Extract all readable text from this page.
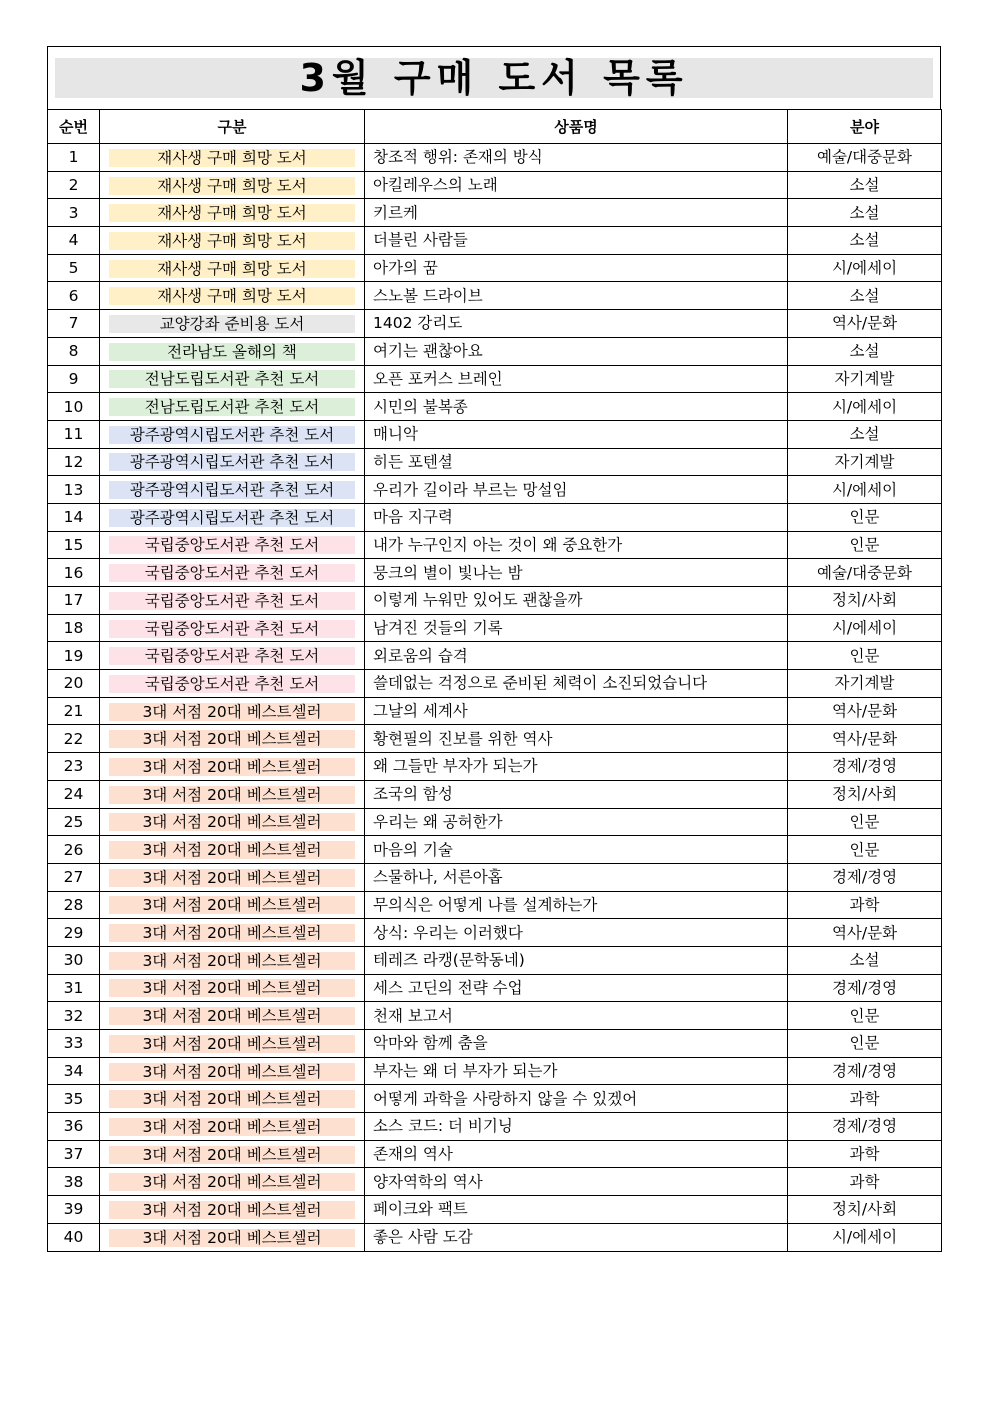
3월 구매 도서 목록
순번	구분	상품명	분야
1	재사생 구매 희망 도서	창조적 행위: 존재의 방식	예술/대중문화
2	재사생 구매 희망 도서	아킬레우스의 노래	소설
3	재사생 구매 희망 도서	키르케	소설
4	재사생 구매 희망 도서	더블린 사람들	소설
5	재사생 구매 희망 도서	아가의 꿈	시/에세이
6	재사생 구매 희망 도서	스노볼 드라이브	소설
7	교양강좌 준비용 도서	1402 강리도	역사/문화
8	전라남도 올해의 책	여기는 괜찮아요	소설
9	전남도립도서관 추천 도서	오픈 포커스 브레인	자기계발
10	전남도립도서관 추천 도서	시민의 불복종	시/에세이
11	광주광역시립도서관 추천 도서	매니악	소설
12	광주광역시립도서관 추천 도서	히든 포텐셜	자기계발
13	광주광역시립도서관 추천 도서	우리가 길이라 부르는 망설임	시/에세이
14	광주광역시립도서관 추천 도서	마음 지구력	인문
15	국립중앙도서관 추천 도서	내가 누구인지 아는 것이 왜 중요한가	인문
16	국립중앙도서관 추천 도서	뭉크의 별이 빛나는 밤	예술/대중문화
17	국립중앙도서관 추천 도서	이렇게 누워만 있어도 괜찮을까	정치/사회
18	국립중앙도서관 추천 도서	남겨진 것들의 기록	시/에세이
19	국립중앙도서관 추천 도서	외로움의 습격	인문
20	국립중앙도서관 추천 도서	쓸데없는 걱정으로 준비된 체력이 소진되었습니다	자기계발
21	3대 서점 20대 베스트셀러	그날의 세계사	역사/문화
22	3대 서점 20대 베스트셀러	황현필의 진보를 위한 역사	역사/문화
23	3대 서점 20대 베스트셀러	왜 그들만 부자가 되는가	경제/경영
24	3대 서점 20대 베스트셀러	조국의 함성	정치/사회
25	3대 서점 20대 베스트셀러	우리는 왜 공허한가	인문
26	3대 서점 20대 베스트셀러	마음의 기술	인문
27	3대 서점 20대 베스트셀러	스물하나, 서른아홉	경제/경영
28	3대 서점 20대 베스트셀러	무의식은 어떻게 나를 설계하는가	과학
29	3대 서점 20대 베스트셀러	상식: 우리는 이러했다	역사/문화
30	3대 서점 20대 베스트셀러	테레즈 라캥(문학동네)	소설
31	3대 서점 20대 베스트셀러	세스 고딘의 전략 수업	경제/경영
32	3대 서점 20대 베스트셀러	천재 보고서	인문
33	3대 서점 20대 베스트셀러	악마와 함께 춤을	인문
34	3대 서점 20대 베스트셀러	부자는 왜 더 부자가 되는가	경제/경영
35	3대 서점 20대 베스트셀러	어떻게 과학을 사랑하지 않을 수 있겠어	과학
36	3대 서점 20대 베스트셀러	소스 코드: 더 비기닝	경제/경영
37	3대 서점 20대 베스트셀러	존재의 역사	과학
38	3대 서점 20대 베스트셀러	양자역학의 역사	과학
39	3대 서점 20대 베스트셀러	페이크와 팩트	정치/사회
40	3대 서점 20대 베스트셀러	좋은 사람 도감	시/에세이
